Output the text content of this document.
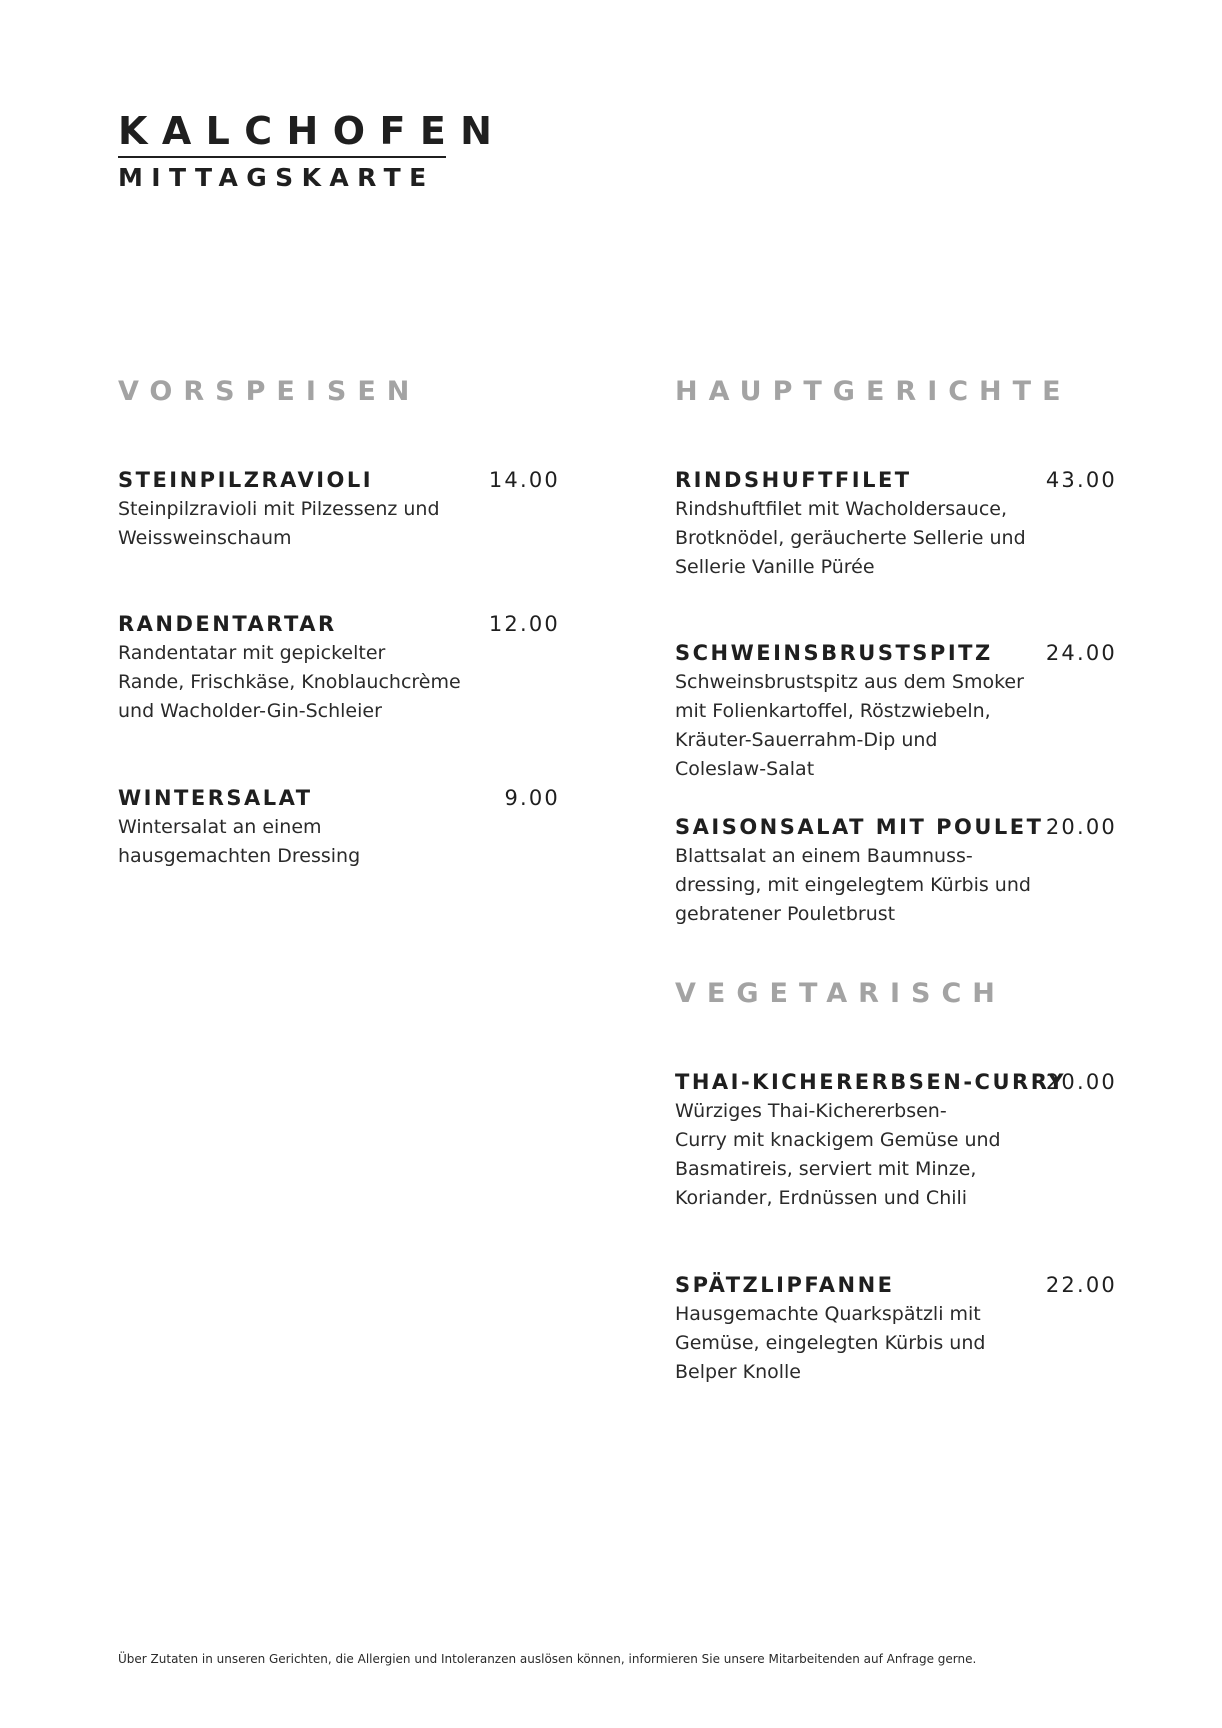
KALCHOFEN
MITTAGSKARTE
VORSPEISEN
STEINPILZRAVIOLI	14.00
Steinpilzravioli mit Pilzessenz und
Weissweinschaum
RANDENTARTAR	12.00
Randentatar mit gepickelter
Rande, Frischkäse, Knoblauchcrème
und Wacholder-Gin-Schleier
WINTERSALAT	9.00
Wintersalat an einem
hausgemachten Dressing
HAUPTGERICHTE
RINDSHUFTFILET	43.00
Rindshuftfilet mit Wacholdersauce,
Brotknödel, geräucherte Sellerie und
Sellerie Vanille Pürée
SCHWEINSBRUSTSPITZ	24.00
Schweinsbrustspitz aus dem Smoker
mit Folienkartoffel, Röstzwiebeln,
Kräuter-Sauerrahm-Dip und
Coleslaw-Salat
SAISONSALAT MIT POULET 20.00
Blattsalat an einem Baumnuss-
dressing, mit eingelegtem Kürbis und
gebratener Pouletbrust
VEGETARISCH
THAI-KICHERERBSEN-CURRY
20.00
Würziges Thai-Kichererbsen-
Curry mit knackigem Gemüse und
Basmatireis, serviert mit Minze,
Koriander, Erdnüssen und Chili
SPÄTZLIPFANNE	22.00
Hausgemachte Quarkspätzli mit
Gemüse, eingelegten Kürbis und
Belper Knolle
Über Zutaten in unseren Gerichten, die Allergien und Intoleranzen auslösen können, informieren Sie unsere Mitarbeitenden auf Anfrage gerne.
